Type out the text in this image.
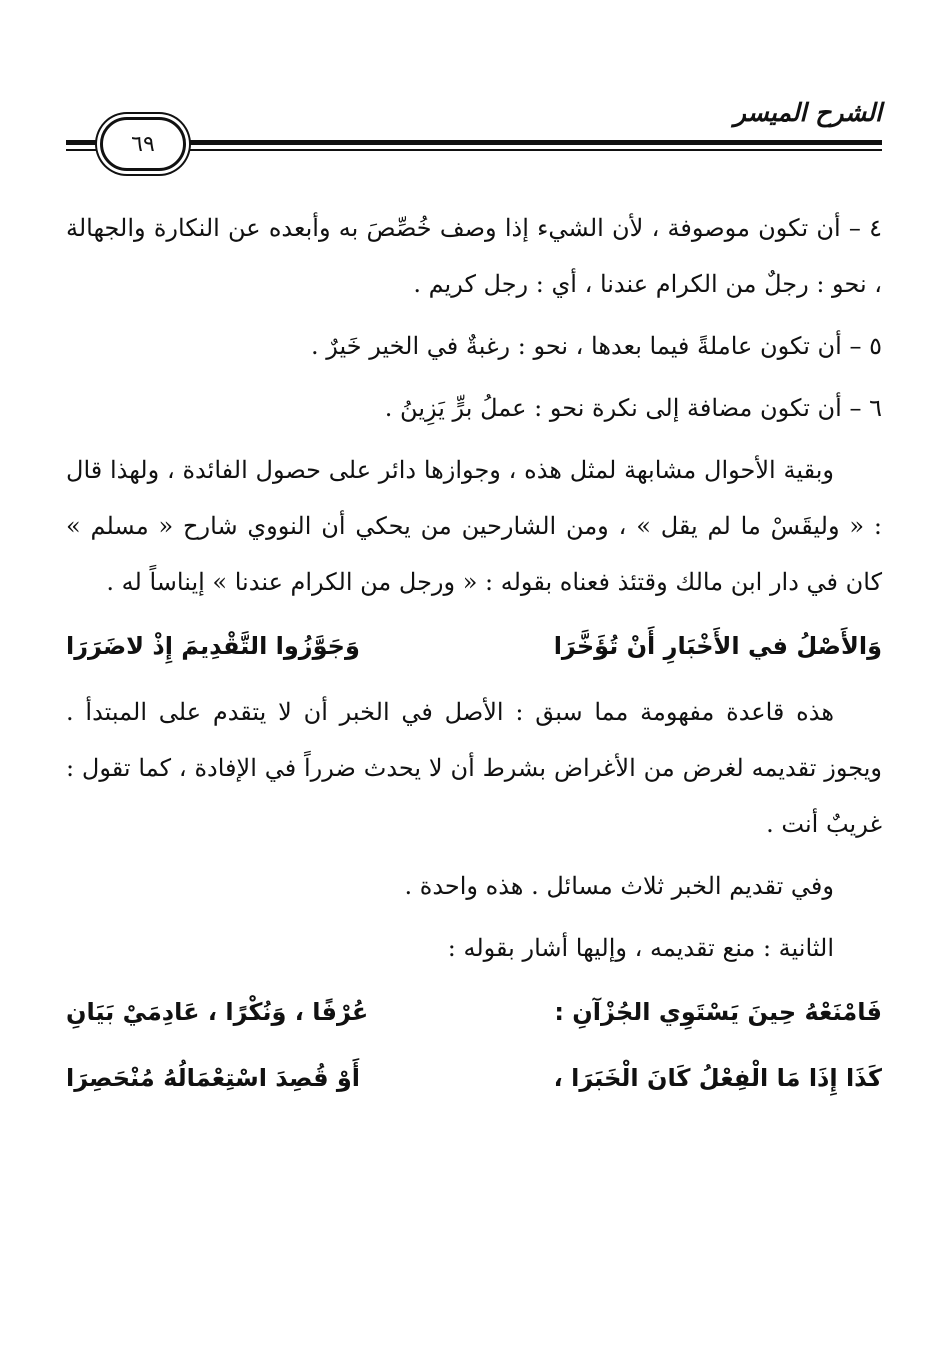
الشرح الميسر
٦٩

٤ – أن تكون موصوفة ، لأن الشيء إذا وصف خُصِّصَ به وأبعده عن النكارة والجهالة ، نحو : رجلٌ من الكرام عندنا ، أي : رجل كريم .

٥ – أن تكون عاملةً فيما بعدها ، نحو : رغبةٌ في الخير خَيرٌ .

٦ – أن تكون مضافة إلى نكرة نحو : عملُ برٍّ يَزِينُ .

وبقية الأحوال مشابهة لمثل هذه ، وجوازها دائر على حصول الفائدة ، ولهذا قال : « وليقَسْ ما لم يقل » ، ومن الشارحين من يحكي أن النووي شارح « مسلم » كان في دار ابن مالك وقتئذ فعناه بقوله : « ورجل من الكرام عندنا » إيناساً له .

وَالأَصْلُ في الأَخْبَارِ أَنْ تُؤَخَّرَا
وَجَوَّزُوا التَّقْدِيمَ إِذْ لاضَرَرَا

هذه قاعدة مفهومة مما سبق : الأصل في الخبر أن لا يتقدم على المبتدأ . ويجوز تقديمه لغرض من الأغراض بشرط أن لا يحدث ضرراً في الإفادة ، كما تقول : غريبٌ أنت .

وفي تقديم الخبر ثلاث مسائل . هذه واحدة .

الثانية : منع تقديمه ، وإليها أشار بقوله :

فَامْنَعْهُ حِينَ يَسْتَوِي الجُزْآنِ :
عُرْفًا ، وَنُكْرًا ، عَادِمَيْ بَيَانِ
كَذَا إِذَا مَا الْفِعْلُ كَانَ الْخَبَرَا ،
أَوْ قُصِدَ اسْتِعْمَالُهُ مُنْحَصِرَا
